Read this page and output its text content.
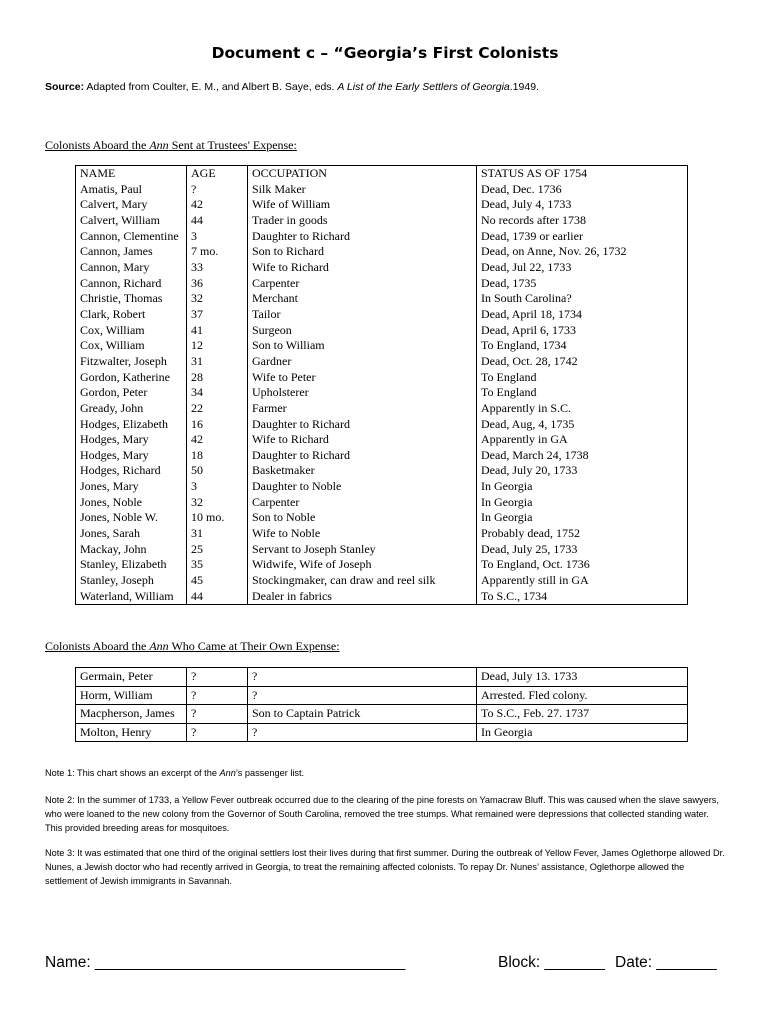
Document c – “Georgia’s First Colonists
Source: Adapted from Coulter, E. M., and Albert B. Saye, eds. A List of the Early Settlers of Georgia.1949.
Colonists Aboard the Ann Sent at Trustees' Expense:
NAME	AGE	OCCUPATION	STATUS AS OF 1754
Amatis, Paul	?	Silk Maker	Dead, Dec. 1736
Calvert, Mary	42	Wife of William	Dead, July 4, 1733
Calvert, William	44	Trader in goods	No records after 1738
Cannon, Clementine	3	Daughter to Richard	Dead, 1739 or earlier
Cannon, James	7 mo.	Son to Richard	Dead, on Anne, Nov. 26, 1732
Cannon, Mary	33	Wife to Richard	Dead, Jul 22, 1733
Cannon, Richard	36	Carpenter	Dead, 1735
Christie, Thomas	32	Merchant	In South Carolina?
Clark, Robert	37	Tailor	Dead, April 18, 1734
Cox, William	41	Surgeon	Dead, April 6, 1733
Cox, William	12	Son to William	To England, 1734
Fitzwalter, Joseph	31	Gardner	Dead, Oct. 28, 1742
Gordon, Katherine	28	Wife to Peter	To England
Gordon, Peter	34	Upholsterer	To England
Gready, John	22	Farmer	Apparently in S.C.
Hodges, Elizabeth	16	Daughter to Richard	Dead, Aug, 4, 1735
Hodges, Mary	42	Wife to Richard	Apparently in GA
Hodges, Mary	18	Daughter to Richard	Dead, March 24, 1738
Hodges, Richard	50	Basketmaker	Dead, July 20, 1733
Jones, Mary	3	Daughter to Noble	In Georgia
Jones, Noble	32	Carpenter	In Georgia
Jones, Noble W.	10 mo.	Son to Noble	In Georgia
Jones, Sarah	31	Wife to Noble	Probably dead, 1752
Mackay, John	25	Servant to Joseph Stanley	Dead, July 25, 1733
Stanley, Elizabeth	35	Widwife, Wife of Joseph	To England, Oct. 1736
Stanley, Joseph	45	Stockingmaker, can draw and reel silk	Apparently still in GA
Waterland, William	44	Dealer in fabrics	To S.C., 1734
Colonists Aboard the Ann Who Came at Their Own Expense:
Germain, Peter	?	?	Dead, July 13. 1733
Horm, William	?	?	Arrested. Fled colony.
Macpherson, James	?	Son to Captain Patrick	To S.C., Feb. 27. 1737
Molton, Henry	?	?	In Georgia
Note 1: This chart shows an excerpt of the Ann’s passenger list.
Note 2: In the summer of 1733, a Yellow Fever outbreak occurred due to the clearing of the pine forests on Yamacraw Bluff. This was caused when the slave sawyers, who were loaned to the new colony from the Governor of South Carolina, removed the tree stumps. What remained were depressions that collected standing water. This provided breeding areas for mosquitoes.
Note 3: It was estimated that one third of the original settlers lost their lives during that first summer. During the outbreak of Yellow Fever, James Oglethorpe allowed Dr. Nunes, a Jewish doctor who had recently arrived in Georgia, to treat the remaining affected colonists. To repay Dr. Nunes’ assistance, Oglethorpe allowed the settlement of Jewish immigrants in Savannah.
Name: ____________________________________	Block: _______ Date: _______
